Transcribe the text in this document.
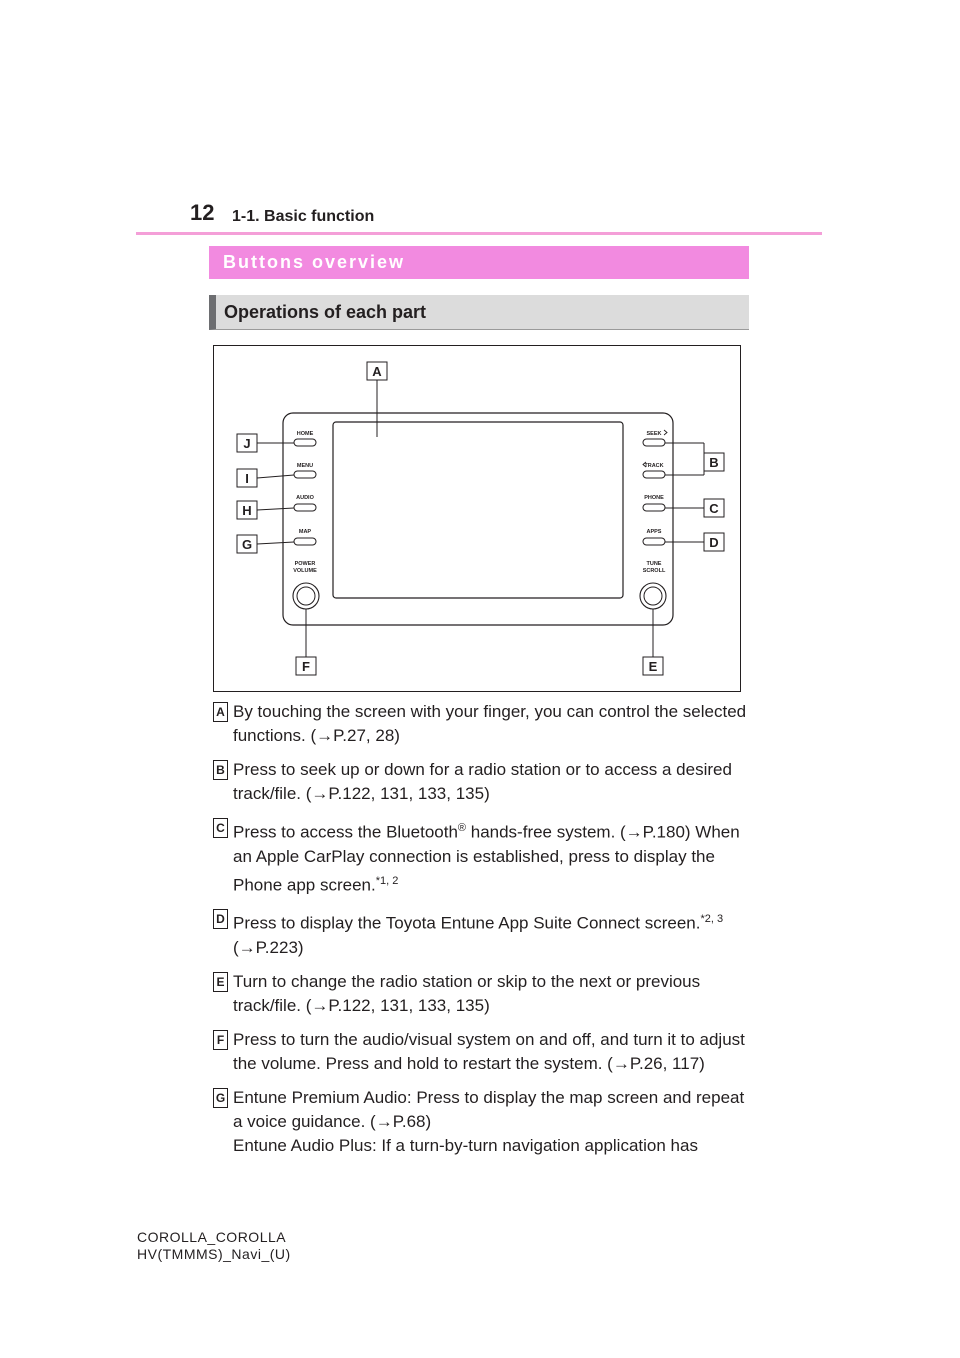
12 1-1. Basic function
Buttons overview
Operations of each part
HOME
MENU
AUDIO
MAP
POWER
VOLUME
SEEK
TRACK
PHONE
APPS
TUNE
SCROLL
A
J
I
H
G
B
C
D
F	E
A By touching the screen with your finger, you can control the selected functions. (→P.27, 28)
B Press to seek up or down for a radio station or to access a desired track/file. (→P.122, 131, 133, 135)
C Press to access the Bluetooth® hands-free system. (→P.180) When an Apple CarPlay connection is established, press to display the Phone app screen.$^{*1, 2}$
D Press to display the Toyota Entune App Suite Connect screen.$^{*2, 3}$ (→P.223)
E Turn to change the radio station or skip to the next or previous track/file. (→P.122, 131, 133, 135)
F Press to turn the audio/visual system on and off, and turn it to adjust the volume. Press and hold to restart the system. (→P.26, 117)
G Entune Premium Audio: Press to display the map screen and repeat a voice guidance. (→P.68)
Entune Audio Plus: If a turn-by-turn navigation application has
COROLLA_COROLLA
HV(TMMMS)_Navi_(U)
